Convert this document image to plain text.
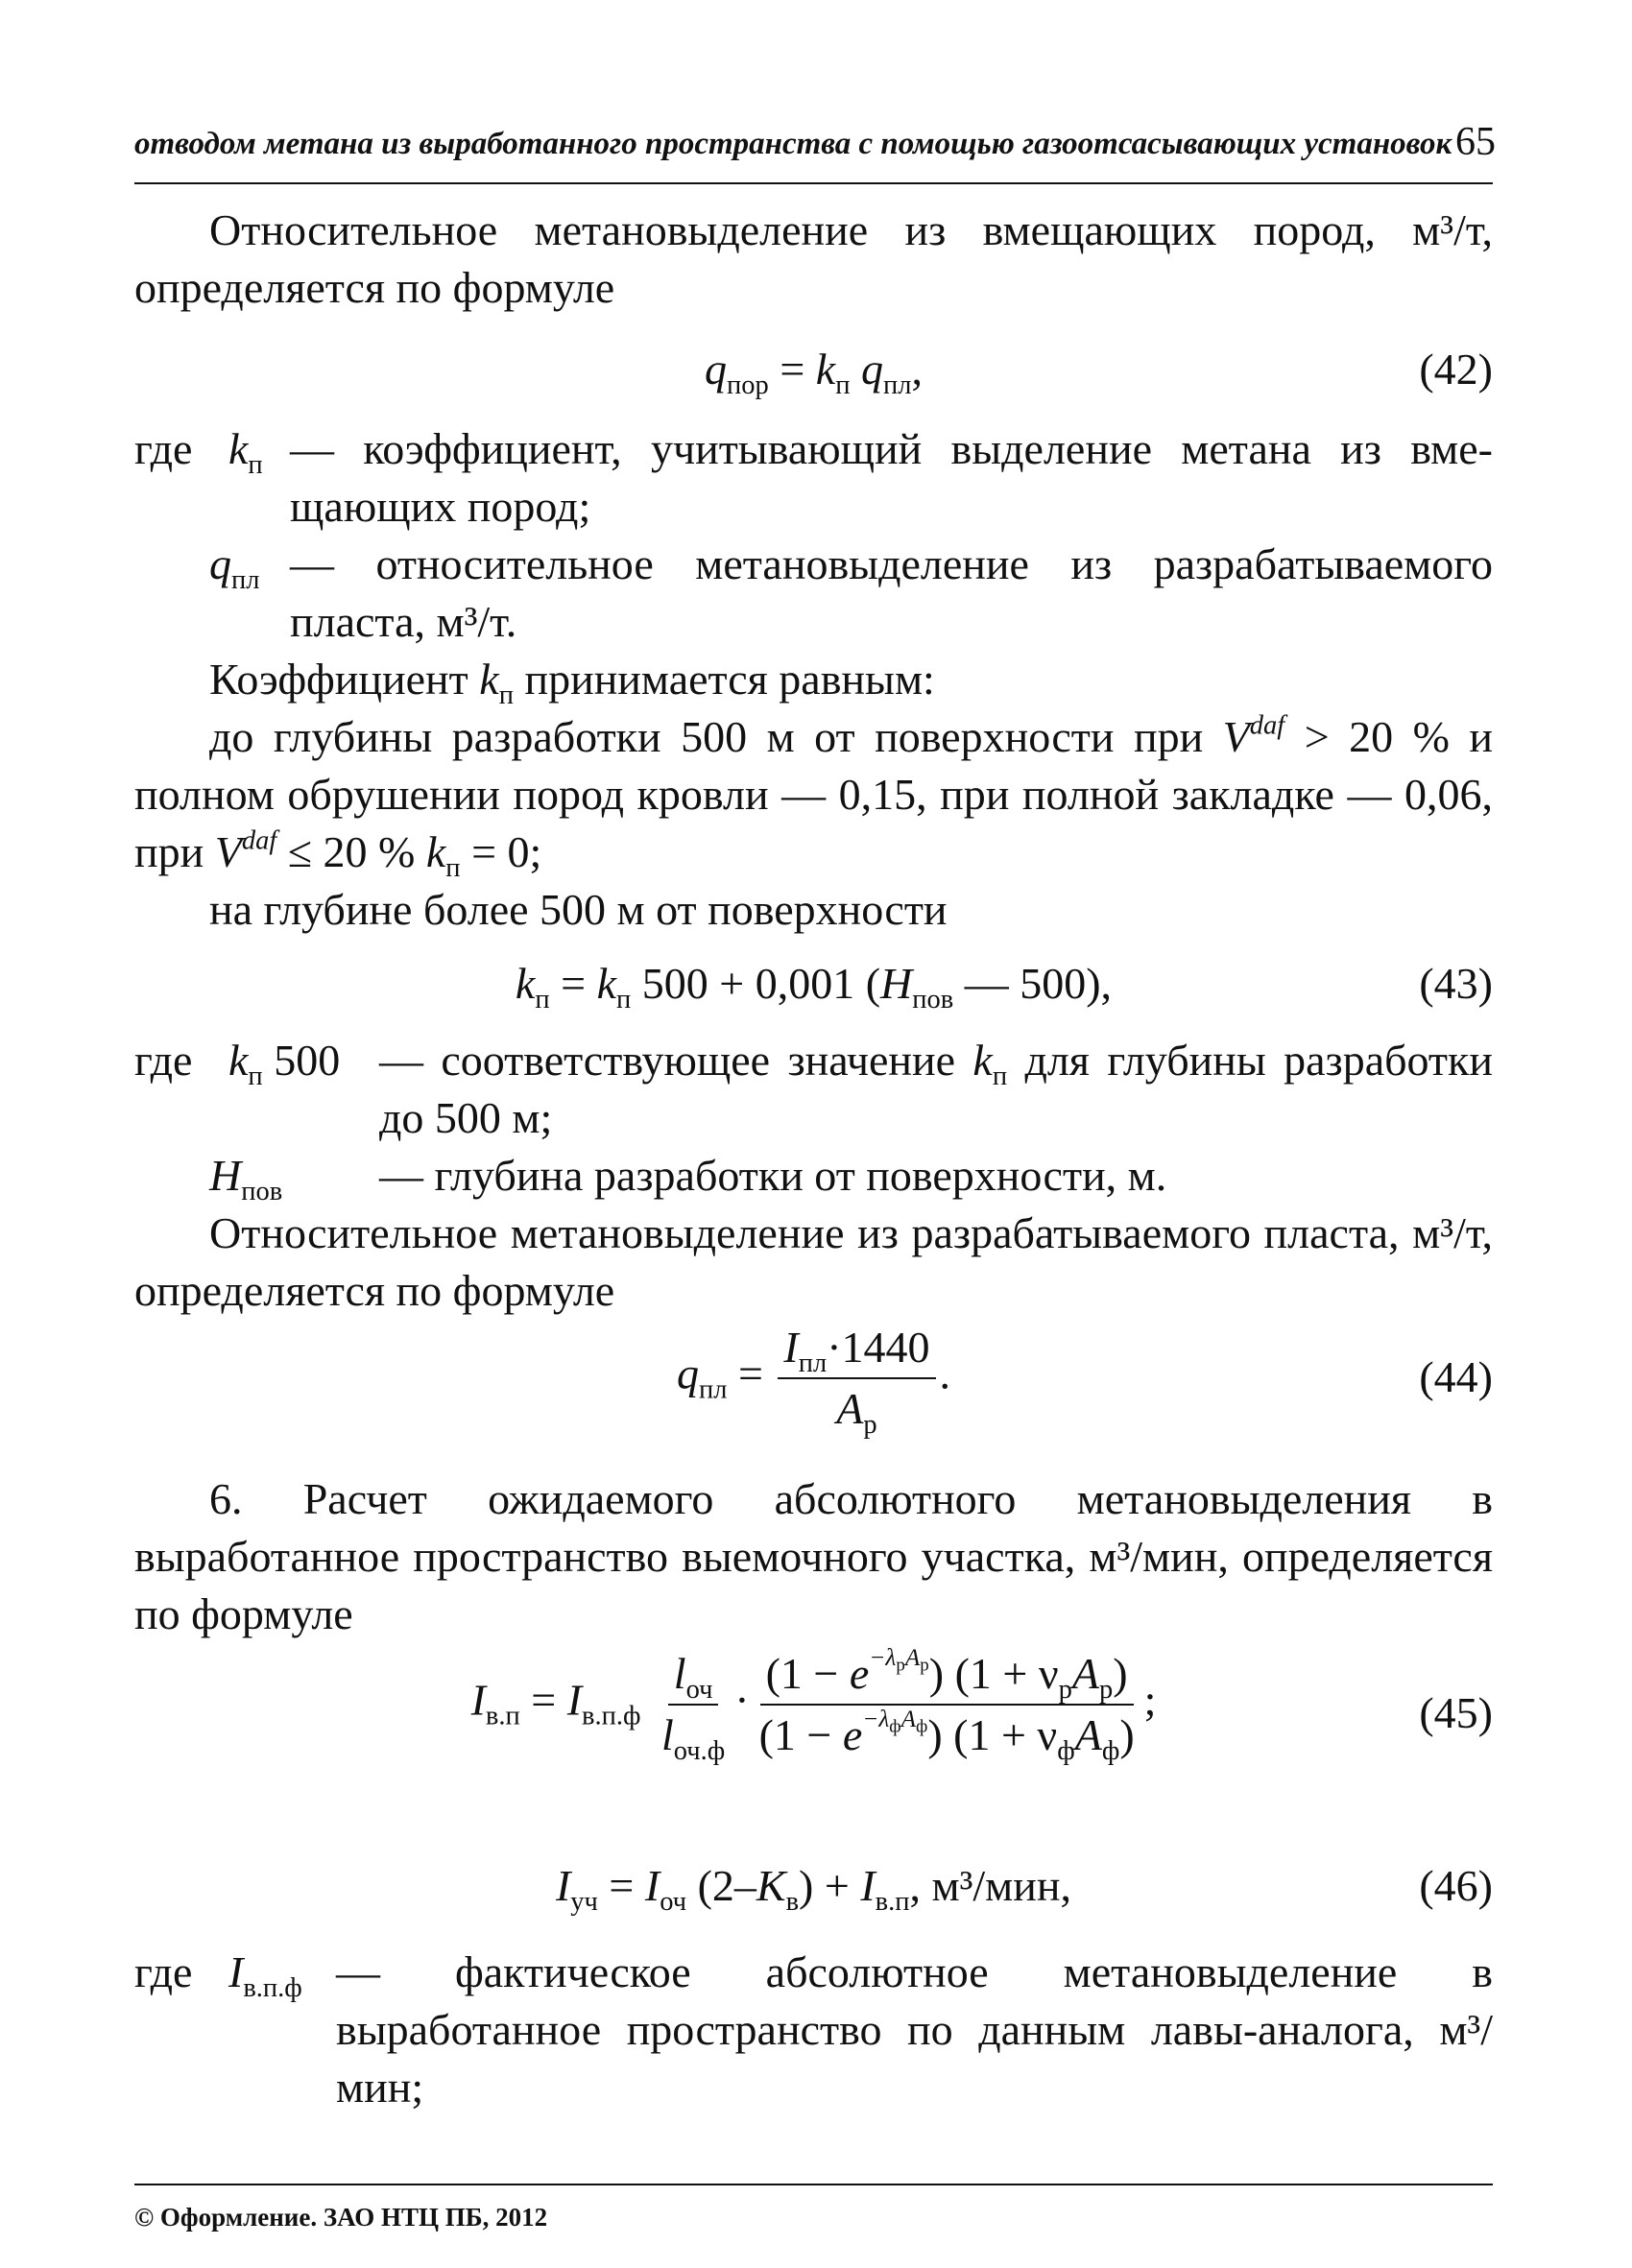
отводом метана из выработанного пространства с помощью газоотсасывающих установок 65
Относительное метановыделение из вмещающих пород, м³/т, определяется по формуле
$q_{пор} = k_п$ $q_{пл}$,	(42)
где $k_п$ — коэффициент, учитывающий выделение метана из вме- щающих пород;
$q_{пл}$ — относительное метановыделение из разрабатываемого пласта, м³/т.
Коэффициент $k_п$ принимается равным:
до глубины разработки 500 м от поверхности при $V^{daf} > 20$ % и полном обрушении пород кровли — 0,15, при полной закладке — 0,06, при $V^{daf} \le 20$ % $k_п = 0$;
на глубине более 500 м от поверхности
$k_п = k_п$ 500 + 0,001 ($H_{пов}$ — 500),	(43)
где $k_п$ 500 — соответствующее значение $k_п$ для глубины разработки до 500 м;
$H_{пов}$ — глубина разработки от поверхности, м.
Относительное метановыделение из разрабатываемого пласта, м³/т, определяется по формуле
$q_{пл} = \frac{I_{пл}\cdot 1440}{A_р}$ .	(44)
6. Расчет ожидаемого абсолютного метановыделения в выработанное пространство выемочного участка, м³/мин, определяется по формуле
$I_{в.п} = I_{в.п.ф} \frac{l_{оч}}{l_{оч.ф}} \cdot \frac{(1 - e^{-\lambda_рA_р}) (1 + \nu_рA_р)}{(1 - e^{-\lambda_фA_ф}) (1 + \nu_фA_ф)}$ ;	(45)
$I_{уч} = I_{оч}$ $(2-K_в) + I_{в.п}$, м³/мин,	(46)
где $I_{в.п.ф}$ — фактическое абсолютное метановыделение в выработанное пространство по данным лавы-аналога, м³/мин;
© Оформление. ЗАО НТЦ ПБ, 2012
